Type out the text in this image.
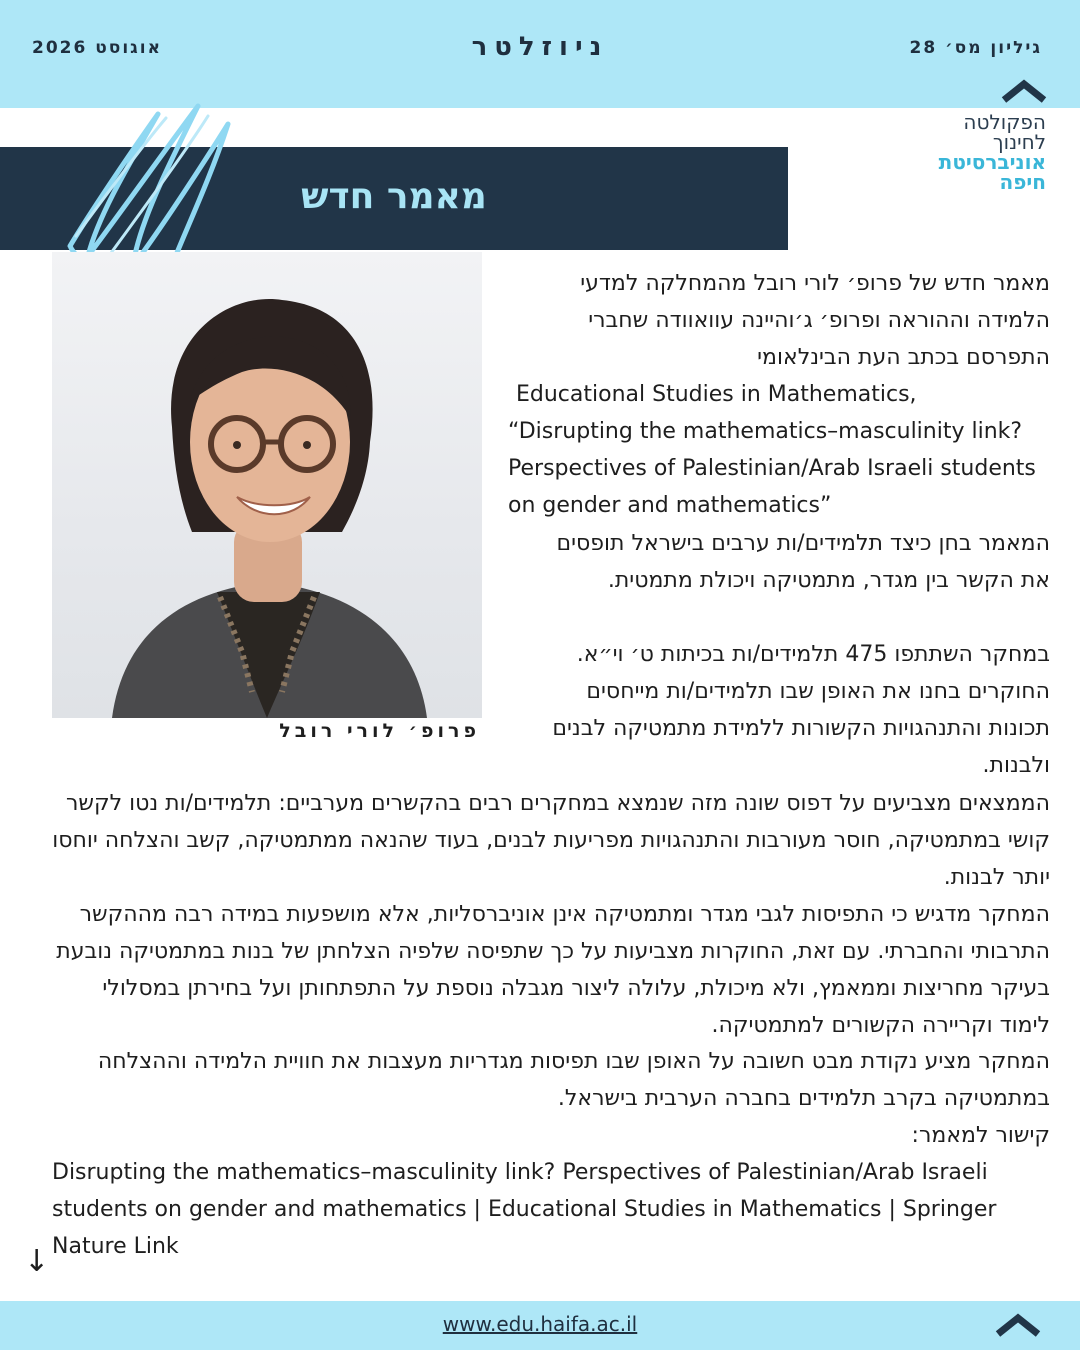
גיליון מס׳ 28
ניוזלטר
אוגוסט 2026
הפקולטה
לחינוך
אוניברסיטת
חיפה
מאמר חדש
פרופ׳ לורי רובל

מאמר חדש של פרופ׳ לורי רובל מהמחלקה למדעי הלמידה וההוראה ופרופ׳ ג׳והיינה עוואוודה שחברי התפרסם בכתב העת הבינלאומי

Educational Studies in Mathematics,

“Disrupting the mathematics–masculinity link? Perspectives of Palestinian/Arab Israeli students on gender and mathematics”

המאמר בחן כיצד תלמידים/ות ערבים בישראל תופסים את הקשר בין מגדר, מתמטיקה ויכולת מתמטית.

במחקר השתתפו 475 תלמידים/ות בכיתות ט׳ וי״א. החוקרים בחנו את האופן שבו תלמידים/ות מייחסים תכונות והתנהגויות הקשורות ללמידת מתמטיקה לבנים ולבנות.

הממצאים מצביעים על דפוס שונה מזה שנמצא במחקרים רבים בהקשרים מערביים: תלמידים/ות נטו לקשר קושי במתמטיקה, חוסר מעורבות והתנהגויות מפריעות לבנים, בעוד שהנאה ממתמטיקה, קשב והצלחה יוחסו יותר לבנות.

המחקר מדגיש כי התפיסות לגבי מגדר ומתמטיקה אינן אוניברסליות, אלא מושפעות במידה רבה מההקשר התרבותי והחברתי. עם זאת, החוקרות מצביעות על כך שתפיסה שלפיה הצלחתן של בנות במתמטיקה נובעת בעיקר מחריצות וממאמץ, ולא מיכולת, עלולה ליצור מגבלה נוספת על התפתחותן ועל בחירתן במסלולי לימוד וקריירה הקשורים למתמטיקה.

המחקר מציע נקודת מבט חשובה על האופן שבו תפיסות מגדריות מעצבות את חוויית הלמידה וההצלחה במתמטיקה בקרב תלמידים בחברה הערבית בישראל.

קישור למאמר:

Disrupting the mathematics–masculinity link? Perspectives of Palestinian/Arab Israeli students on gender and mathematics | Educational Studies in Mathematics | Springer Nature Link

↓
www.edu.haifa.ac.il
